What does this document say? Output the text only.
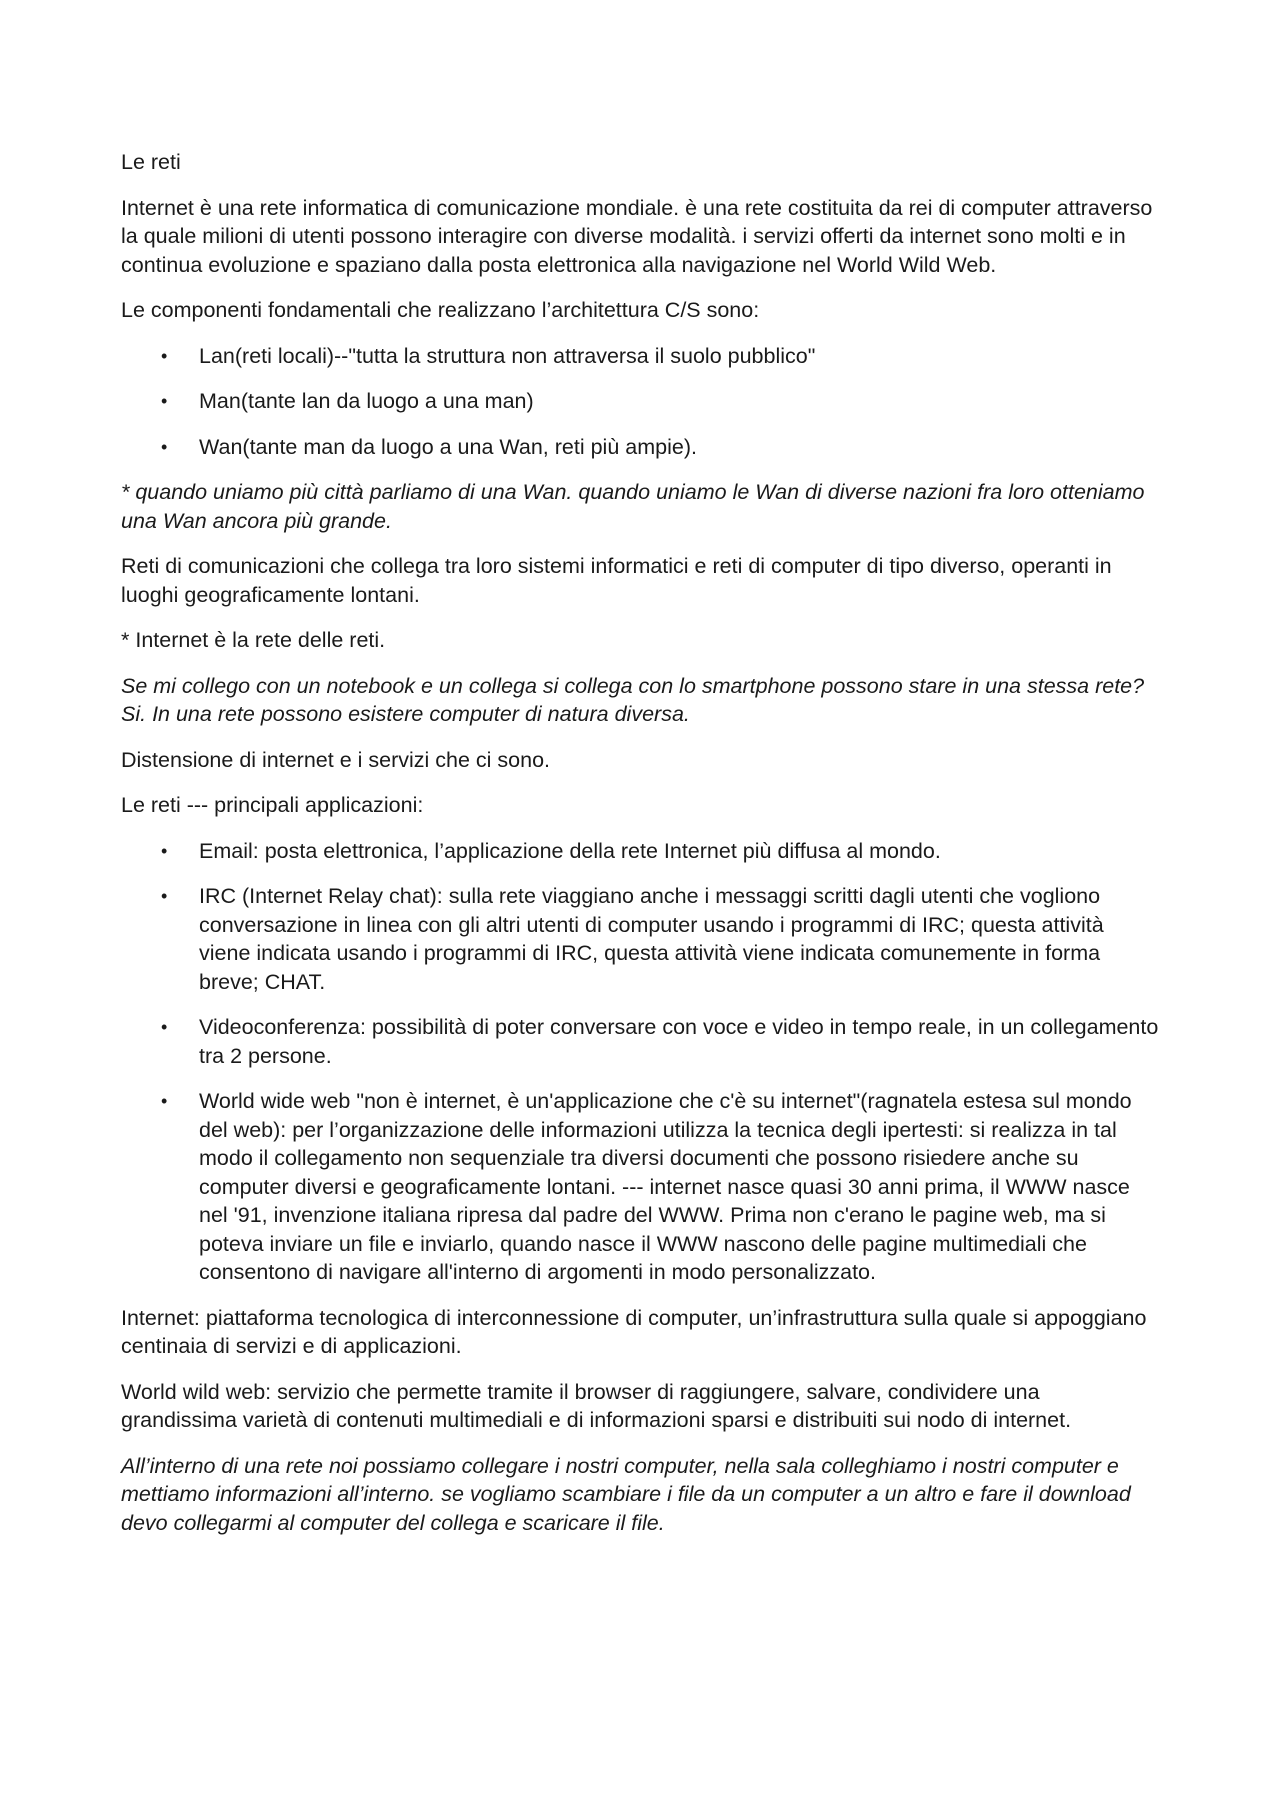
Le reti

Internet è una rete informatica di comunicazione mondiale. è una rete costituita da rei di computer attraverso la quale milioni di utenti possono interagire con diverse modalità. i servizi offerti da internet sono molti e in continua evoluzione e spaziano dalla posta elettronica alla navigazione nel World Wild Web.

Le componenti fondamentali che realizzano l’architettura C/S sono:

• Lan(reti locali)--"tutta la struttura non attraversa il suolo pubblico"
• Man(tante lan da luogo a una man)
• Wan(tante man da luogo a una Wan, reti più ampie).

* quando uniamo più città parliamo di una Wan. quando uniamo le Wan di diverse nazioni fra loro otteniamo una Wan ancora più grande.

Reti di comunicazioni che collega tra loro sistemi informatici e reti di computer di tipo diverso, operanti in luoghi geograficamente lontani.

* Internet è la rete delle reti.

Se mi collego con un notebook e un collega si collega con lo smartphone possono stare in una stessa rete? Si. In una rete possono esistere computer di natura diversa.

Distensione di internet e i servizi che ci sono.

Le reti --- principali applicazioni:

• Email: posta elettronica, l’applicazione della rete Internet più diffusa al mondo.
• IRC (Internet Relay chat): sulla rete viaggiano anche i messaggi scritti dagli utenti che vogliono conversazione in linea con gli altri utenti di computer usando i programmi di IRC; questa attività viene indicata usando i programmi di IRC, questa attività viene indicata comunemente in forma breve; CHAT.
• Videoconferenza: possibilità di poter conversare con voce e video in tempo reale, in un collegamento tra 2 persone.
• World wide web "non è internet, è un'applicazione che c'è su internet"(ragnatela estesa sul mondo del web): per l’organizzazione delle informazioni utilizza la tecnica degli ipertesti: si realizza in tal modo il collegamento non sequenziale tra diversi documenti che possono risiedere anche su computer diversi e geograficamente lontani. --- internet nasce quasi 30 anni prima, il WWW nasce nel '91, invenzione italiana ripresa dal padre del WWW. Prima non c'erano le pagine web, ma si poteva inviare un file e inviarlo, quando nasce il WWW nascono delle pagine multimediali che consentono di navigare all'interno di argomenti in modo personalizzato.

Internet: piattaforma tecnologica di interconnessione di computer, un’infrastruttura sulla quale si appoggiano centinaia di servizi e di applicazioni.

World wild web: servizio che permette tramite il browser di raggiungere, salvare, condividere una grandissima varietà di contenuti multimediali e di informazioni sparsi e distribuiti sui nodo di internet.

All’interno di una rete noi possiamo collegare i nostri computer, nella sala colleghiamo i nostri computer e mettiamo informazioni all’interno. se vogliamo scambiare i file da un computer a un altro e fare il download devo collegarmi al computer del collega e scaricare il file.
